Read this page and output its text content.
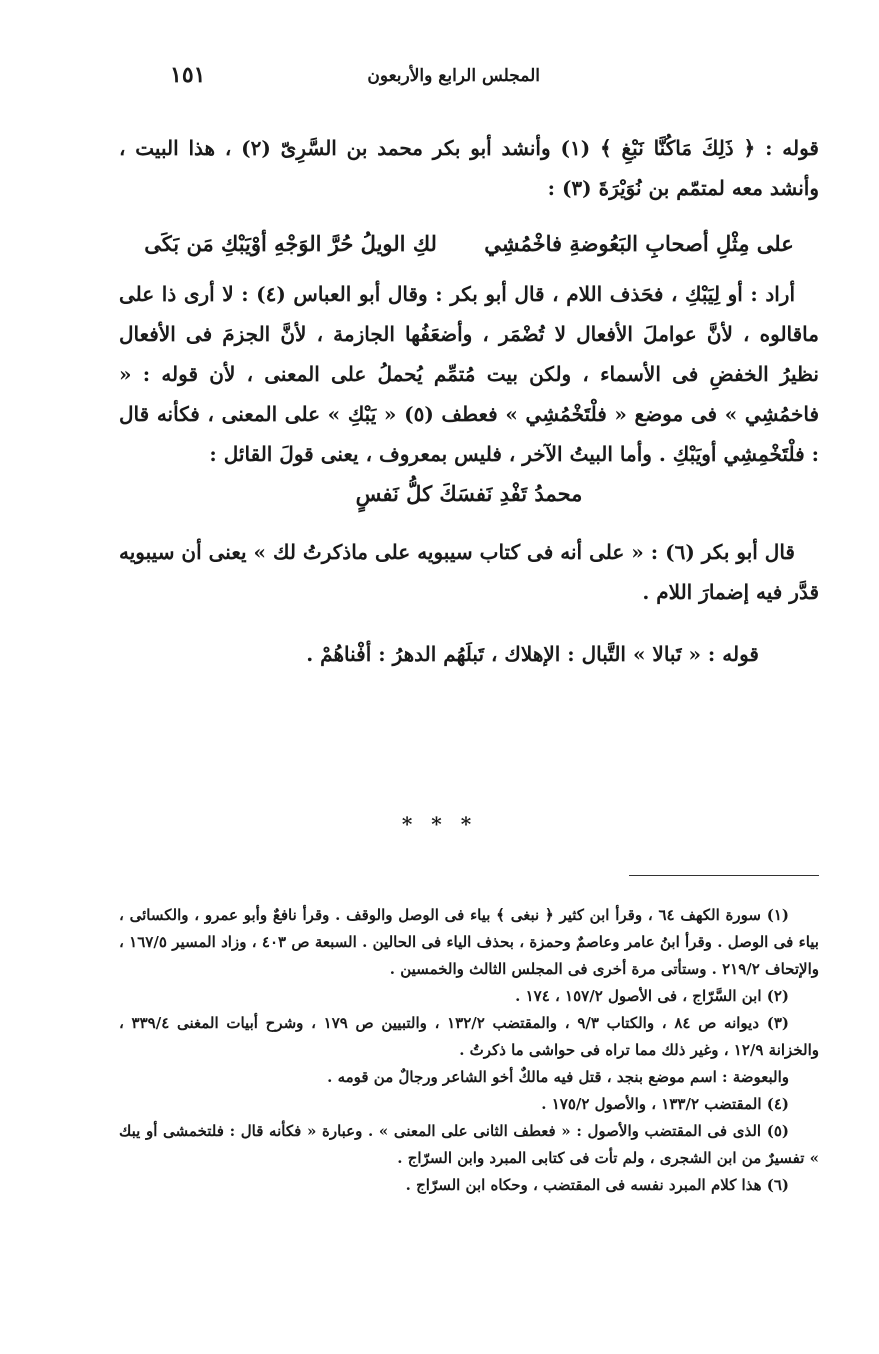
المجلس الرابع والأربعون
١٥١

قوله : ﴿ ذَلِكَ مَاكُنَّا نَبْغِ ﴾ (١) وأنشد أبو بكر محمد بن السَّرِىّ (٢) ، هذا البيت ، وأنشد معه لمتمّم بن نُوَيْرَةَ (٣) :

على مِثْلِ أصحابِ البَعُوضةِ فاخْمُشِي لكِ الويلُ حُرَّ الوَجْهِ أوْيَبْكِ مَن بَكَى

أراد : أو لِيَبْكِ ، فحَذف اللام ، قال أبو بكر : وقال أبو العباس (٤) : لا أرى ذا على ماقالوه ، لأنَّ عواملَ الأفعال لا تُضْمَر ، وأضعَفُها الجازمة ، لأنَّ الجزمَ فى الأفعال نظيرُ الخفضِ فى الأسماء ، ولكن بيت مُتمِّم يُحملُ على المعنى ، لأن قوله : « فاخمُشِي » فى موضع « فلْتَخْمُشِي » فعطف (٥) « يَبْكِ » على المعنى ، فكأنه قال : فلْتَخْمِشِي أويَبْكِ . وأما البيتُ الآخر ، فليس بمعروف ، يعنى قولَ القائل :

محمدُ تَفْدِ نَفسَكَ كلُّ نَفسٍ

قال أبو بكر (٦) : « على أنه فى كتاب سيبويه على ماذكرتُ لك » يعنى أن سيبويه قدَّر فيه إضمارَ اللام .

قوله : « تَبالا » التَّبال : الإهلاك ، تَبلَهُم الدهرُ : أفْناهُمْ .

* * *

(١) سورة الكهف ٦٤ ، وقرأ ابن كثير ﴿ نبغى ﴾ بياء فى الوصل والوقف . وقرأ نافعٌ وأبو عمرو ، والكسائى ، بياء فى الوصل . وقرأ ابنُ عامر وعاصمٌ وحمزة ، بحذف الياء فى الحالين . السبعة ص ٤٠٣ ، وزاد المسير ١٦٧/٥ ، والإتحاف ٢١٩/٢ . وستأتى مرة أخرى فى المجلس الثالث والخمسين .

(٢) ابن السَّرّاج ، فى الأصول ١٥٧/٢ ، ١٧٤ .

(٣) ديوانه ص ٨٤ ، والكتاب ٩/٣ ، والمقتضب ١٣٢/٢ ، والتبيين ص ١٧٩ ، وشرح أبيات المغنى ٣٣٩/٤ ، والخزانة ١٢/٩ ، وغير ذلك مما تراه فى حواشى ما ذكرتُ .

والبعوضة : اسم موضع بنجد ، قتل فيه مالكٌ أخو الشاعر ورجالٌ من قومه .

(٤) المقتضب ١٣٣/٢ ، والأصول ١٧٥/٢ .

(٥) الذى فى المقتضب والأصول : « فعطف الثانى على المعنى » . وعبارة « فكأنه قال : فلتخمشى أو يبك » تفسيرٌ من ابن الشجرى ، ولم تأت فى كتابى المبرد وابن السرّاج .

(٦) هذا كلام المبرد نفسه فى المقتضب ، وحكاه ابن السرّاج .
